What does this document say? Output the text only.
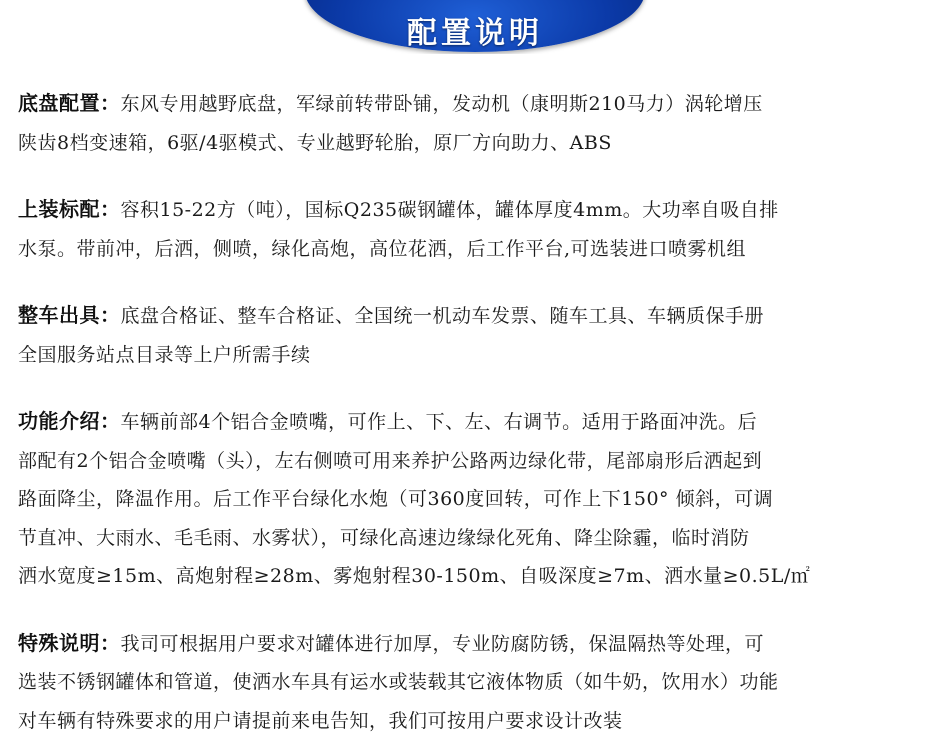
配置说明

底盘配置：东风专用越野底盘，军绿前转带卧铺，发动机（康明斯210马力）涡轮增压
陕齿8档变速箱，6驱/4驱模式、专业越野轮胎，原厂方向助力、ABS

上装标配：容积15-22方（吨），国标Q235碳钢罐体，罐体厚度4mm。大功率自吸自排
水泵。带前冲，后洒，侧喷，绿化高炮，高位花洒，后工作平台,可选装进口喷雾机组

整车出具：底盘合格证、整车合格证、全国统一机动车发票、随车工具、车辆质保手册
全国服务站点目录等上户所需手续

功能介绍：车辆前部4个铝合金喷嘴，可作上、下、左、右调节。适用于路面冲洗。后
部配有2个铝合金喷嘴（头），左右侧喷可用来养护公路两边绿化带，尾部扇形后洒起到
路面降尘，降温作用。后工作平台绿化水炮（可360度回转，可作上下150° 倾斜，可调
节直冲、大雨水、毛毛雨、水雾状），可绿化高速边缘绿化死角、降尘除霾，临时消防
洒水宽度≥15m、高炮射程≥28m、雾炮射程30-150m、自吸深度≥7m、洒水量≥0.5L/㎡

特殊说明：我司可根据用户要求对罐体进行加厚，专业防腐防锈，保温隔热等处理，可
选装不锈钢罐体和管道，使洒水车具有运水或装载其它液体物质（如牛奶，饮用水）功能
对车辆有特殊要求的用户请提前来电告知，我们可按用户要求设计改装
